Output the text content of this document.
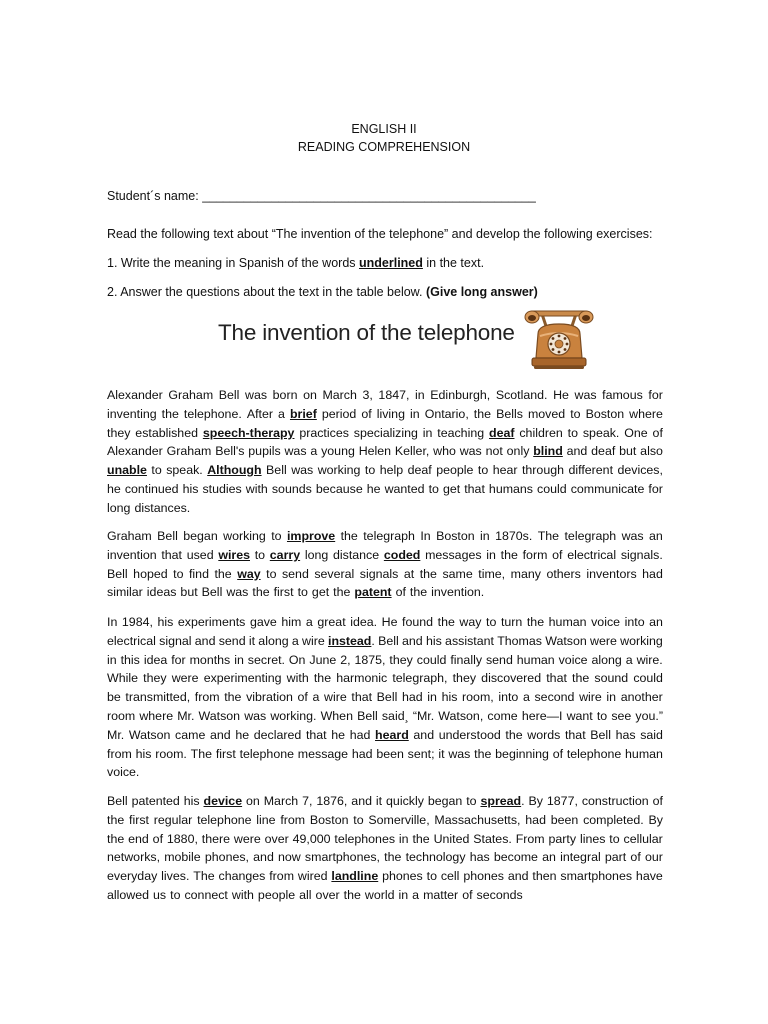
ENGLISH II
READING COMPREHENSION
Student´s name: ________________________________________________
Read the following text about “The invention of the telephone” and develop the following exercises:
1. Write the meaning in Spanish of the words underlined in the text.
2. Answer the questions about the text in the table below. (Give long answer)
The invention of the telephone
Alexander Graham Bell was born on March 3, 1847, in Edinburgh, Scotland. He was famous for
inventing the telephone. After a brief period of living in Ontario, the Bells moved to Boston where
they established speech-therapy practices specializing in teaching deaf children to speak. One of
Alexander Graham Bell's pupils was a young Helen Keller, who was not only blind and deaf but also
unable to speak. Although Bell was working to help deaf people to hear through different devices,
he continued his studies with sounds because he wanted to get that humans could communicate for
long distances.
Graham Bell began working to improve the telegraph In Boston in 1870s. The telegraph was an
invention that used wires to carry long distance coded messages in the form of electrical signals.
Bell hoped to find the way to send several signals at the same time, many others inventors had
similar ideas but Bell was the first to get the patent of the invention.
In 1984, his experiments gave him a great idea. He found the way to turn the human voice into an
electrical signal and send it along a wire instead. Bell and his assistant Thomas Watson were working
in this idea for months in secret. On June 2, 1875, they could finally send human voice along a wire.
While they were experimenting with the harmonic telegraph, they discovered that the sound could
be transmitted, from the vibration of a wire that Bell had in his room, into a second wire in another
room where Mr. Watson was working. When Bell said¸ “Mr. Watson, come here—I want to see you.”
Mr. Watson came and he declared that he had heard and understood the words that Bell has said
from his room. The first telephone message had been sent; it was the beginning of telephone human
voice.
Bell patented his device on March 7, 1876, and it quickly began to spread. By 1877, construction of
the first regular telephone line from Boston to Somerville, Massachusetts, had been completed. By
the end of 1880, there were over 49,000 telephones in the United States. From party lines to cellular
networks, mobile phones, and now smartphones, the technology has become an integral part of our
everyday lives. The changes from wired landline phones to cell phones and then smartphones have
allowed us to connect with people all over the world in a matter of seconds
